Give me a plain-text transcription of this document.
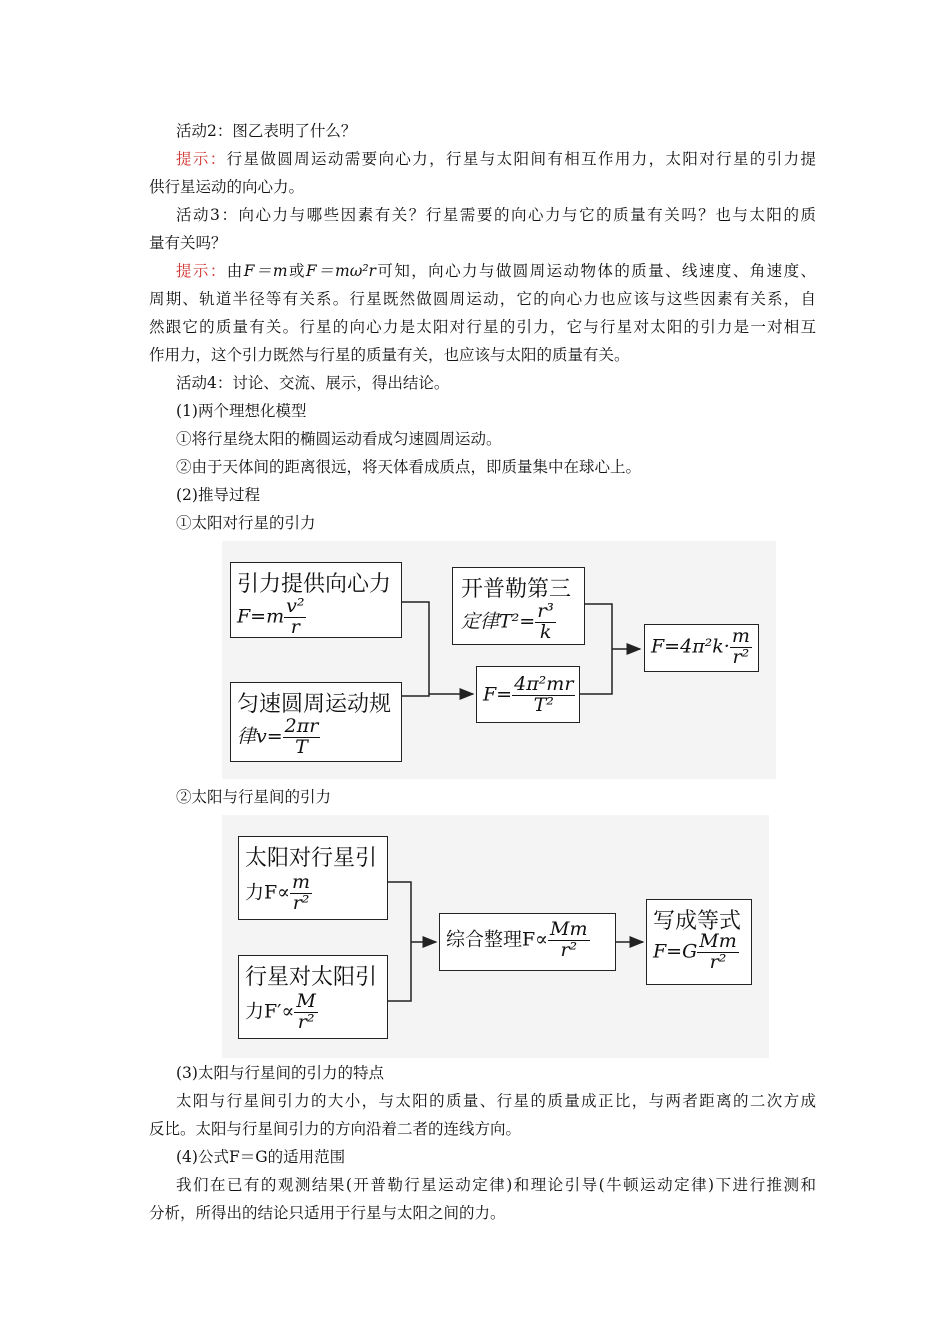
活动2：图乙表明了什么？
提示：行星做圆周运动需要向心力，行星与太阳间有相互作用力，太阳对行星的引力提
供行星运动的向心力。
活动3：向心力与哪些因素有关？行星需要的向心力与它的质量有关吗？也与太阳的质
量有关吗？
提示：由F＝m或F＝mω²r可知，向心力与做圆周运动物体的质量、线速度、角速度、
周期、轨道半径等有关系。行星既然做圆周运动，它的向心力也应该与这些因素有关系，自
然跟它的质量有关。行星的向心力是太阳对行星的引力，它与行星对太阳的引力是一对相互
作用力，这个引力既然与行星的质量有关，也应该与太阳的质量有关。
活动4：讨论、交流、展示，得出结论。
(1)两个理想化模型
①将行星绕太阳的椭圆运动看成匀速圆周运动。
②由于天体间的距离很远，将天体看成质点，即质量集中在球心上。
(2)推导过程
①太阳对行星的引力
引力提供向心力
$F=m \frac{\text{v²}}{r}$
匀速圆周运动规
律$v= \frac{2\pi r}{T}$
开普勒第三
定律$T^2= \frac{\text{r³}}{k}$
$F= \frac{\text{4π²mr}}{\text{T²}}$
$F=4\pi^2k\cdot \frac{m}{\text{r²}}$
②太阳与行星间的引力
太阳对行星引
力$F\propto \frac{m}{\text{r²}}$
行星对太阳引
力$F'\propto \frac{M}{\text{r²}}$
综合整理$F\propto \frac{Mm}{\text{r²}}$	写成等式
$F=G \frac{Mm}{\text{r²}}$
(3)太阳与行星间的引力的特点
太阳与行星间引力的大小，与太阳的质量、行星的质量成正比，与两者距离的二次方成
反比。太阳与行星间引力的方向沿着二者的连线方向。
(4)公式F＝G的适用范围
我们在已有的观测结果(开普勒行星运动定律)和理论引导(牛顿运动定律)下进行推测和
分析，所得出的结论只适用于行星与太阳之间的力。
